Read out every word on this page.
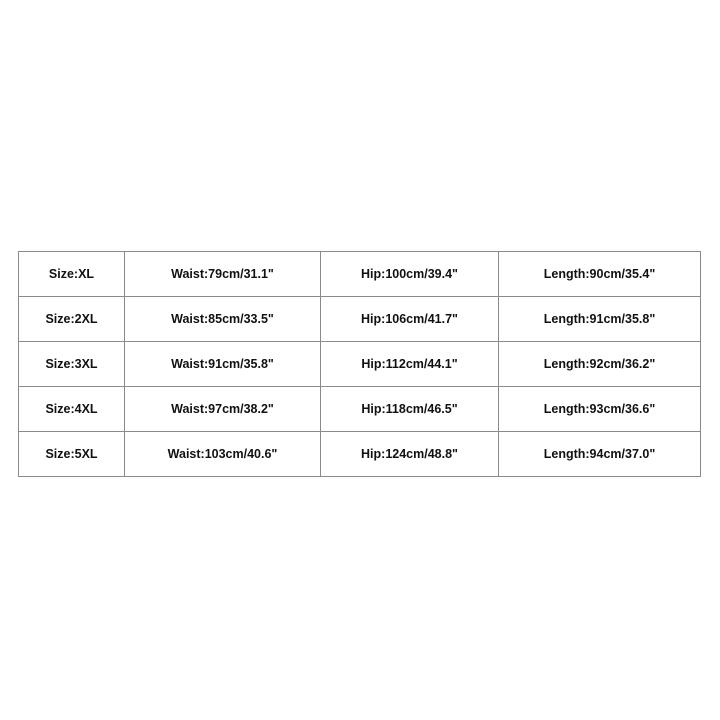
Size:XL	Waist:79cm/31.1"	Hip:100cm/39.4"	Length:90cm/35.4"
Size:2XL	Waist:85cm/33.5"	Hip:106cm/41.7"	Length:91cm/35.8"
Size:3XL	Waist:91cm/35.8"	Hip:112cm/44.1"	Length:92cm/36.2"
Size:4XL	Waist:97cm/38.2"	Hip:118cm/46.5"	Length:93cm/36.6"
Size:5XL	Waist:103cm/40.6"	Hip:124cm/48.8"	Length:94cm/37.0"
